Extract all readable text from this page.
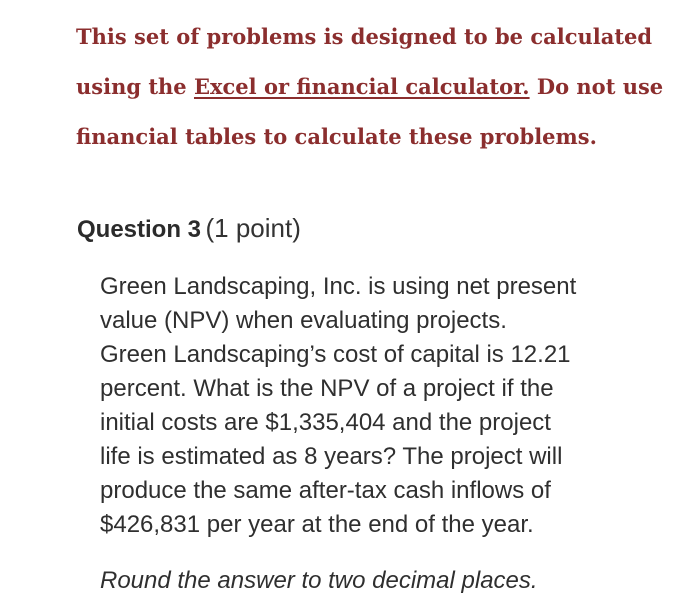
This set of problems is designed to be calculated
using the Excel or financial calculator. Do not use
financial tables to calculate these problems.
Question 3 (1 point)
Green Landscaping, Inc. is using net present
value (NPV) when evaluating projects.
Green Landscaping’s cost of capital is 12.21
percent. What is the NPV of a project if the
initial costs are $1,335,404 and the project
life is estimated as 8 years? The project will
produce the same after-tax cash inflows of
$426,831 per year at the end of the year.
Round the answer to two decimal places.
